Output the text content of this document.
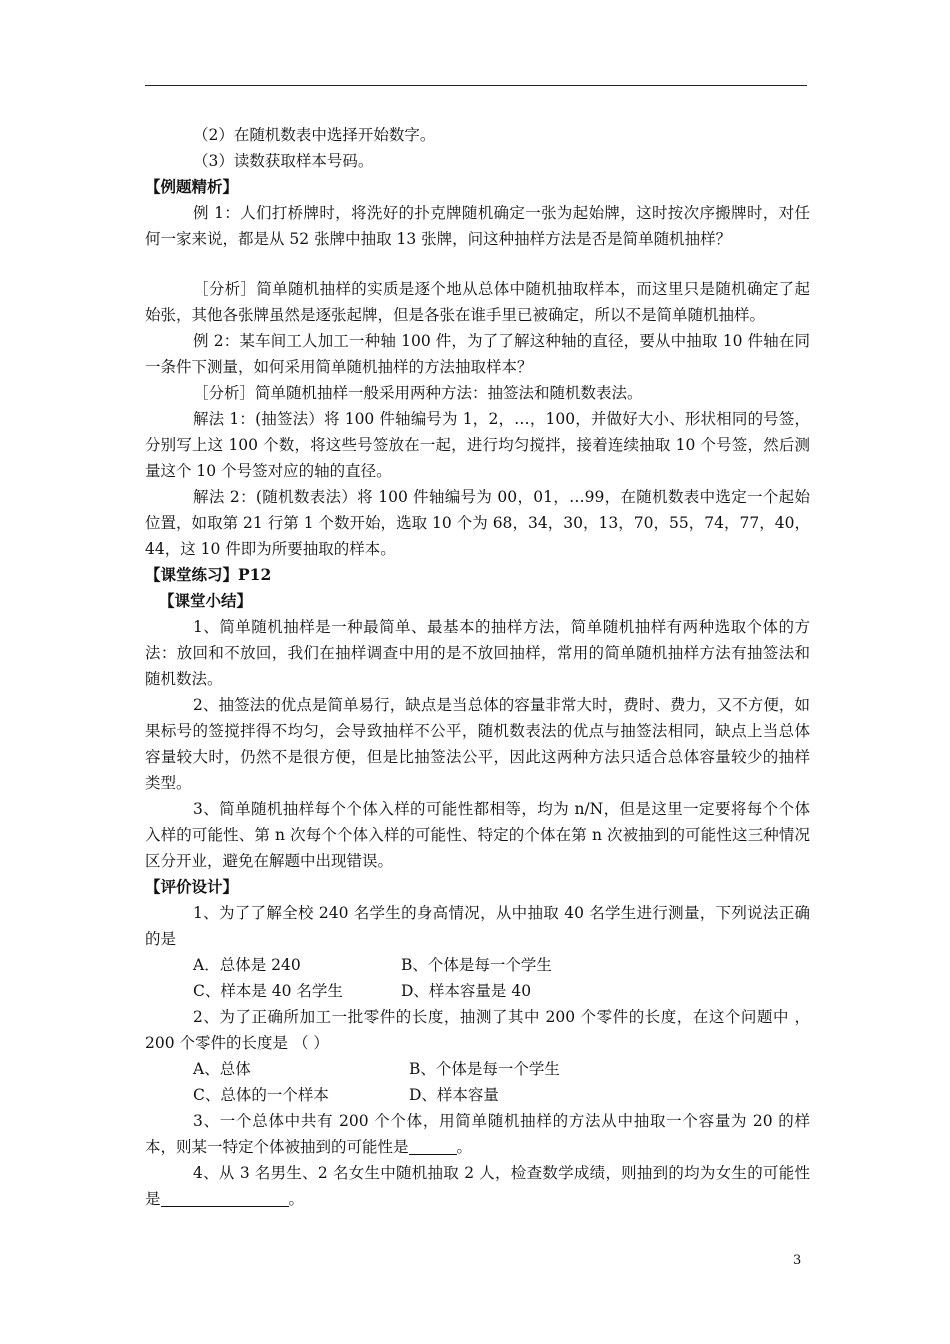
（2）在随机数表中选择开始数字。

（3）读数获取样本号码。

【例题精析】

例 1：人们打桥牌时，将洗好的扑克牌随机确定一张为起始牌，这时按次序搬牌时，对任何一家来说，都是从 52 张牌中抽取 13 张牌，问这种抽样方法是否是简单随机抽样？

［分析］简单随机抽样的实质是逐个地从总体中随机抽取样本，而这里只是随机确定了起始张，其他各张牌虽然是逐张起牌，但是各张在谁手里已被确定，所以不是简单随机抽样。

例 2：某车间工人加工一种轴 100 件，为了了解这种轴的直径，要从中抽取 10 件轴在同一条件下测量，如何采用简单随机抽样的方法抽取样本？

［分析］简单随机抽样一般采用两种方法：抽签法和随机数表法。

解法 1：(抽签法）将 100 件轴编号为 1，2，…，100，并做好大小、形状相同的号签，分别写上这 100 个数，将这些号签放在一起，进行均匀搅拌，接着连续抽取 10 个号签，然后测量这个 10 个号签对应的轴的直径。

解法 2：(随机数表法）将 100 件轴编号为 00，01，…99，在随机数表中选定一个起始位置，如取第 21 行第 1 个数开始，选取 10 个为 68，34，30，13，70，55，74，77，40，44，这 10 件即为所要抽取的样本。

【课堂练习】P12

【课堂小结】

1、简单随机抽样是一种最简单、最基本的抽样方法，简单随机抽样有两种选取个体的方法：放回和不放回，我们在抽样调查中用的是不放回抽样，常用的简单随机抽样方法有抽签法和随机数法。

2、抽签法的优点是简单易行，缺点是当总体的容量非常大时，费时、费力，又不方便，如果标号的签搅拌得不均匀，会导致抽样不公平，随机数表法的优点与抽签法相同，缺点上当总体容量较大时，仍然不是很方便，但是比抽签法公平，因此这两种方法只适合总体容量较少的抽样类型。

3、简单随机抽样每个个体入样的可能性都相等，均为 n/N，但是这里一定要将每个个体入样的可能性、第 n 次每个个体入样的可能性、特定的个体在第 n 次被抽到的可能性这三种情况区分开业，避免在解题中出现错误。

【评价设计】

1、为了了解全校 240 名学生的身高情况，从中抽取 40 名学生进行测量，下列说法正确的是

A．总体是 240	B、个体是每一个学生
C、样本是 40 名学生	D、样本容量是 40

2、为了正确所加工一批零件的长度，抽测了其中 200 个零件的长度，在这个问题中 ，200 个零件的长度是 （ ）

A、总体	B、个体是每一个学生
C、总体的一个样本	D、样本容量

3、一个总体中共有 200 个个体，用简单随机抽样的方法从中抽取一个容量为 20 的样本，则某一特定个体被抽到的可能性是	。

4、从 3 名男生、2 名女生中随机抽取 2 人，检查数学成绩，则抽到的均为女生的可能性是	。

3
